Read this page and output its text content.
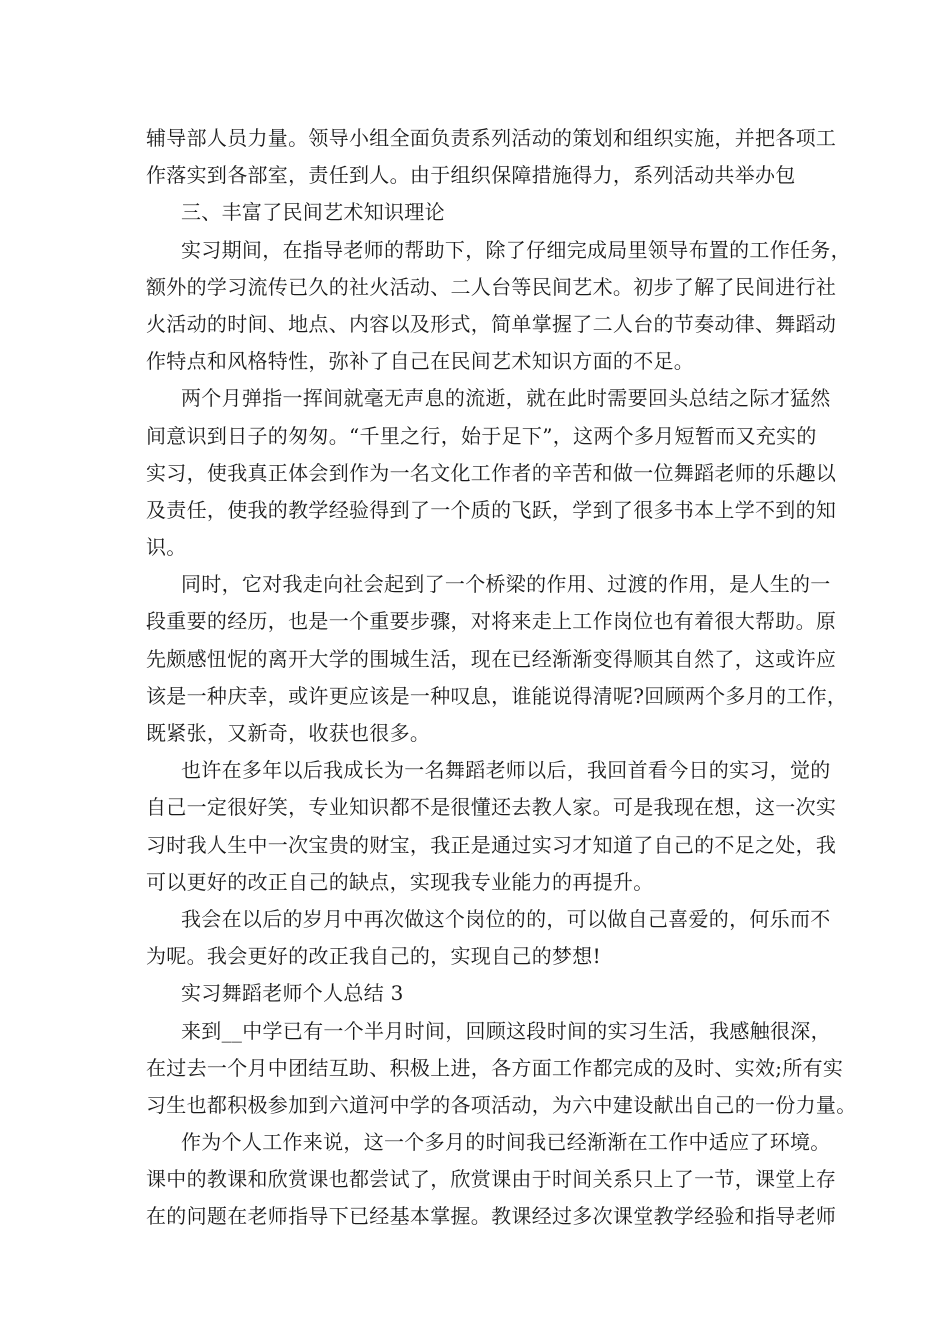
辅导部人员力量。领导小组全面负责系列活动的策划和组织实施，并把各项工
作落实到各部室，责任到人。由于组织保障措施得力，系列活动共举办包
三、丰富了民间艺术知识理论
实习期间，在指导老师的帮助下，除了仔细完成局里领导布置的工作任务，
额外的学习流传已久的社火活动、二人台等民间艺术。初步了解了民间进行社
火活动的时间、地点、内容以及形式，简单掌握了二人台的节奏动律、舞蹈动
作特点和风格特性，弥补了自己在民间艺术知识方面的不足。
两个月弹指一挥间就毫无声息的流逝，就在此时需要回头总结之际才猛然
间意识到日子的匆匆。“千里之行，始于足下”，这两个多月短暂而又充实的
实习，使我真正体会到作为一名文化工作者的辛苦和做一位舞蹈老师的乐趣以
及责任，使我的教学经验得到了一个质的飞跃，学到了很多书本上学不到的知
识。
同时，它对我走向社会起到了一个桥梁的作用、过渡的作用，是人生的一
段重要的经历，也是一个重要步骤，对将来走上工作岗位也有着很大帮助。原
先颇感忸怩的离开大学的围城生活，现在已经渐渐变得顺其自然了，这或许应
该是一种庆幸，或许更应该是一种叹息，谁能说得清呢?回顾两个多月的工作，
既紧张，又新奇，收获也很多。
也许在多年以后我成长为一名舞蹈老师以后，我回首看今日的实习，觉的
自己一定很好笑，专业知识都不是很懂还去教人家。可是我现在想，这一次实
习时我人生中一次宝贵的财宝，我正是通过实习才知道了自己的不足之处，我
可以更好的改正自己的缺点，实现我专业能力的再提升。
我会在以后的岁月中再次做这个岗位的的，可以做自己喜爱的，何乐而不
为呢。我会更好的改正我自己的，实现自己的梦想!
实习舞蹈老师个人总结 3
来到__中学已有一个半月时间，回顾这段时间的实习生活，我感触很深，
在过去一个月中团结互助、积极上进，各方面工作都完成的及时、实效;所有实
习生也都积极参加到六道河中学的各项活动，为六中建设献出自己的一份力量。
作为个人工作来说，这一个多月的时间我已经渐渐在工作中适应了环境。
课中的教课和欣赏课也都尝试了，欣赏课由于时间关系只上了一节，课堂上存
在的问题在老师指导下已经基本掌握。教课经过多次课堂教学经验和指导老师
